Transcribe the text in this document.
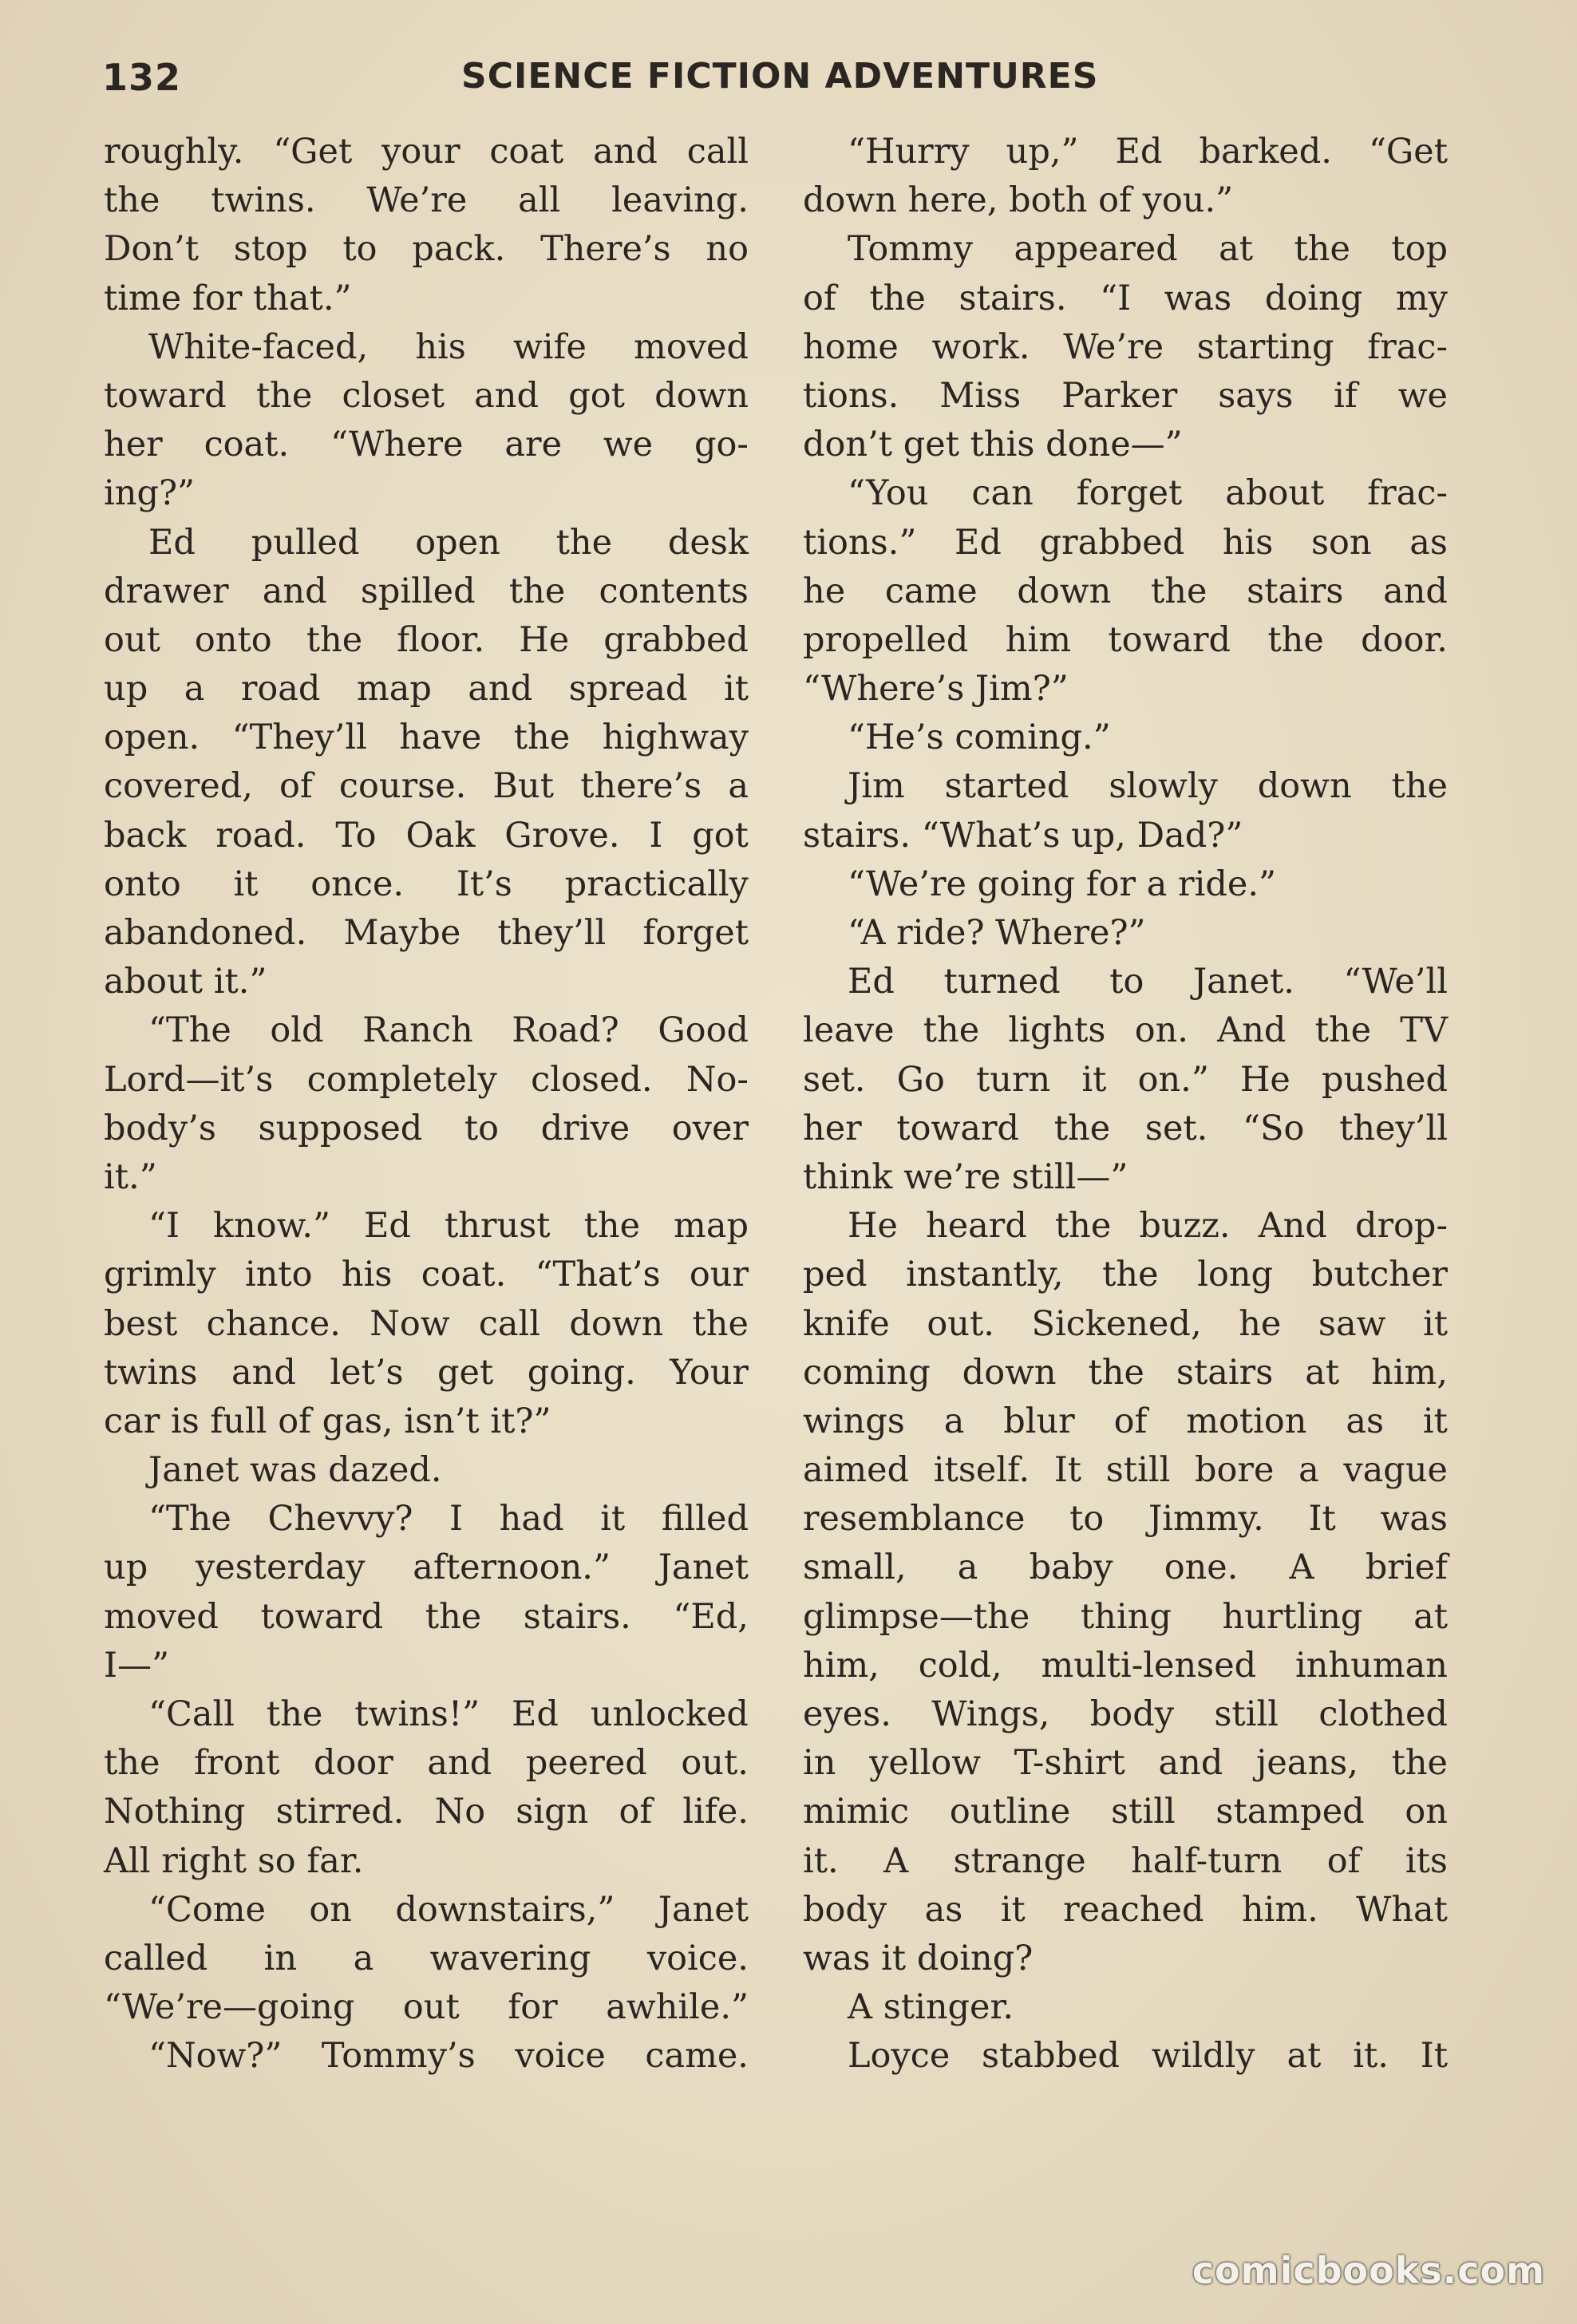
132	SCIENCE FICTION ADVENTURES
roughly. “Get your coat and call
the twins. We’re all leaving.
Don’t stop to pack. There’s no
time for that.”
White-faced, his wife moved
toward the closet and got down
her coat. “Where are we go-
ing?”
Ed pulled open the desk
drawer and spilled the contents
out onto the floor. He grabbed
up a road map and spread it
open. “They’ll have the highway
covered, of course. But there’s a
back road. To Oak Grove. I got
onto it once. It’s practically
abandoned. Maybe they’ll forget
about it.”
“The old Ranch Road? Good
Lord—it’s completely closed. No-
body’s supposed to drive over
it.”
“I know.” Ed thrust the map
grimly into his coat. “That’s our
best chance. Now call down the
twins and let’s get going. Your
car is full of gas, isn’t it?”
Janet was dazed.
“The Chevvy? I had it filled
up yesterday afternoon.” Janet
moved toward the stairs. “Ed,
I—”
“Call the twins!” Ed unlocked
the front door and peered out.
Nothing stirred. No sign of life.
All right so far.
“Come on downstairs,” Janet
called in a wavering voice.
“We’re—going out for awhile.”
“Now?” Tommy’s voice came.
“Hurry up,” Ed barked. “Get
down here, both of you.”
Tommy appeared at the top
of the stairs. “I was doing my
home work. We’re starting frac-
tions. Miss Parker says if we
don’t get this done—”
“You can forget about frac-
tions.” Ed grabbed his son as
he came down the stairs and
propelled him toward the door.
“Where’s Jim?”
“He’s coming.”
Jim started slowly down the
stairs. “What’s up, Dad?”
“We’re going for a ride.”
“A ride? Where?”
Ed turned to Janet. “We’ll
leave the lights on. And the TV
set. Go turn it on.” He pushed
her toward the set. “So they’ll
think we’re still—”
He heard the buzz. And drop-
ped instantly, the long butcher
knife out. Sickened, he saw it
coming down the stairs at him,
wings a blur of motion as it
aimed itself. It still bore a vague
resemblance to Jimmy. It was
small, a baby one. A brief
glimpse—the thing hurtling at
him, cold, multi-lensed inhuman
eyes. Wings, body still clothed
in yellow T-shirt and jeans, the
mimic outline still stamped on
it. A strange half-turn of its
body as it reached him. What
was it doing?
A stinger.
Loyce stabbed wildly at it. It
comicbooks.com
